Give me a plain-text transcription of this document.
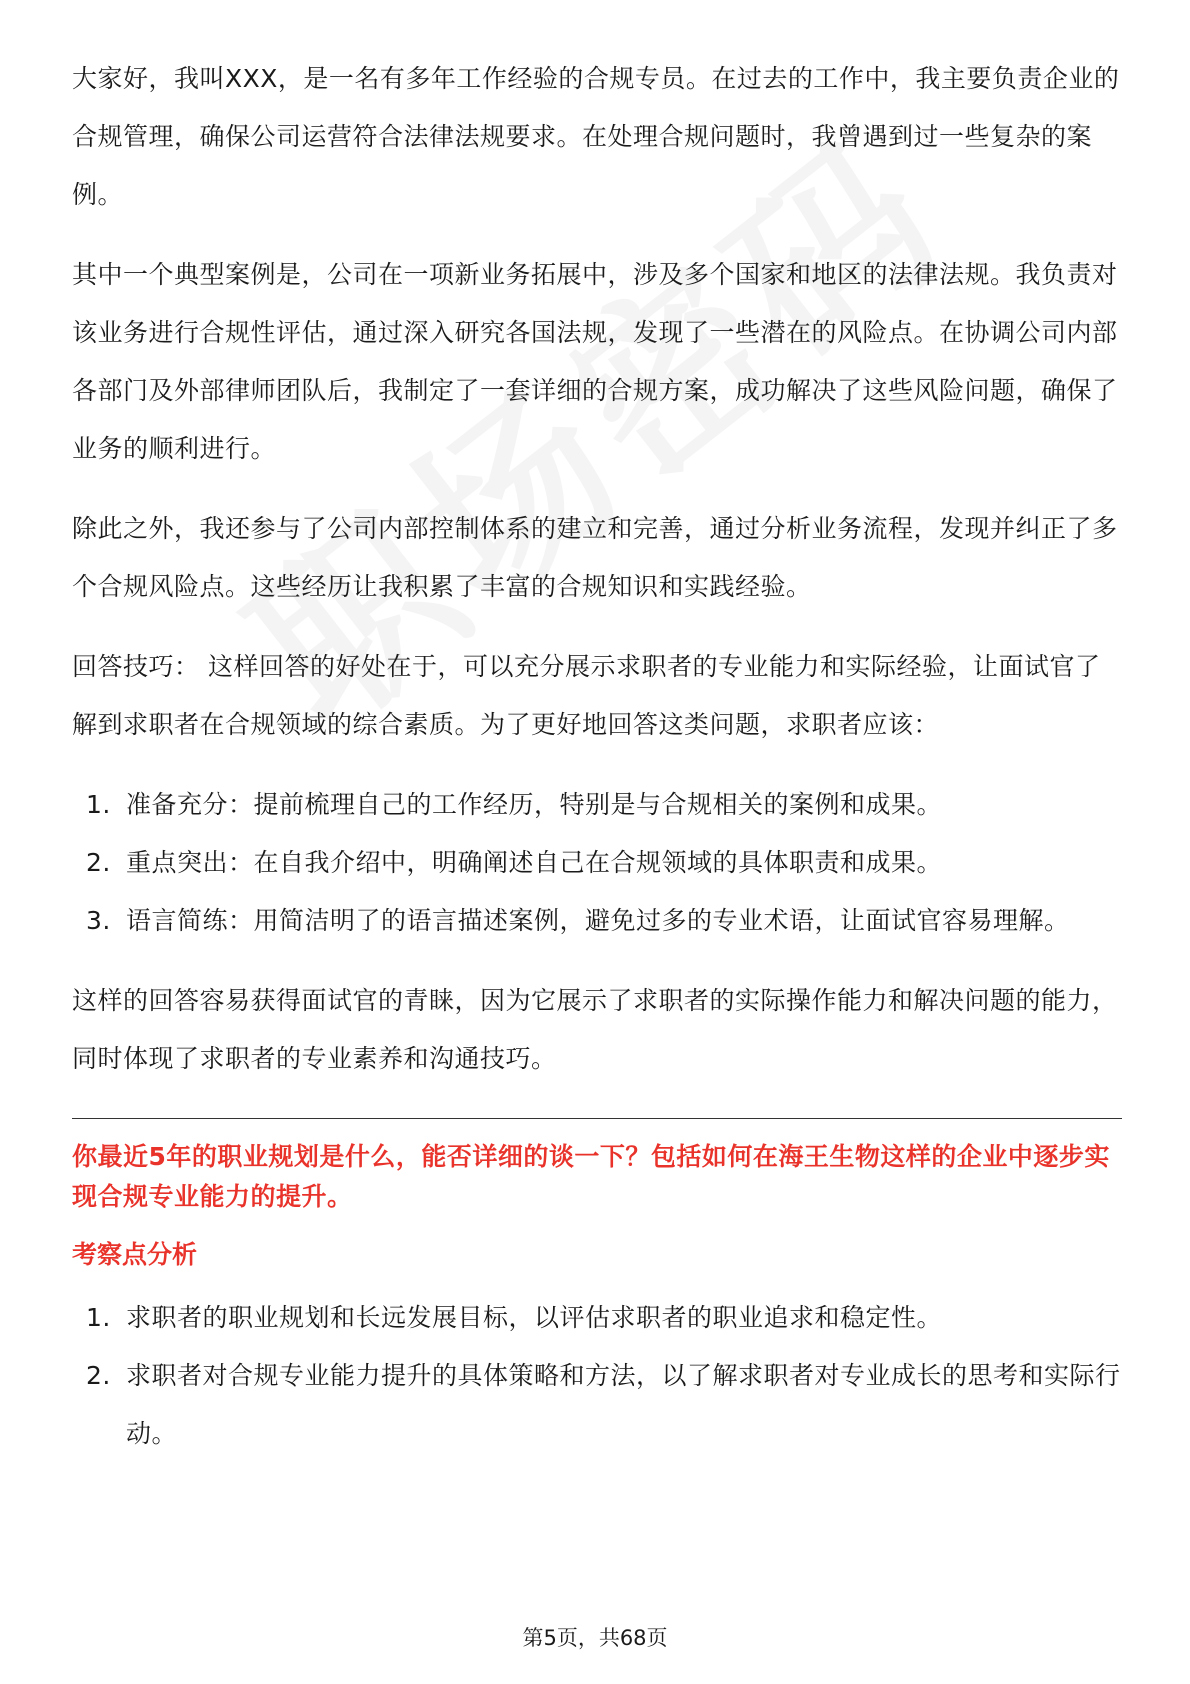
大家好，我叫XXX，是一名有多年工作经验的合规专员。在过去的工作中，我主要负责企业的合规管理，确保公司运营符合法律法规要求。在处理合规问题时，我曾遇到过一些复杂的案例。

其中一个典型案例是，公司在一项新业务拓展中，涉及多个国家和地区的法律法规。我负责对该业务进行合规性评估，通过深入研究各国法规，发现了一些潜在的风险点。在协调公司内部各部门及外部律师团队后，我制定了一套详细的合规方案，成功解决了这些风险问题，确保了业务的顺利进行。

除此之外，我还参与了公司内部控制体系的建立和完善，通过分析业务流程，发现并纠正了多个合规风险点。这些经历让我积累了丰富的合规知识和实践经验。

回答技巧： 这样回答的好处在于，可以充分展示求职者的专业能力和实际经验，让面试官了解到求职者在合规领域的综合素质。为了更好地回答这类问题，求职者应该：

1. 准备充分：提前梳理自己的工作经历，特别是与合规相关的案例和成果。
2. 重点突出：在自我介绍中，明确阐述自己在合规领域的具体职责和成果。
3. 语言简练：用简洁明了的语言描述案例，避免过多的专业术语，让面试官容易理解。

这样的回答容易获得面试官的青睐，因为它展示了求职者的实际操作能力和解决问题的能力，同时体现了求职者的专业素养和沟通技巧。

你最近5年的职业规划是什么，能否详细的谈一下？包括如何在海王生物这样的企业中逐步实现合规专业能力的提升。

考察点分析
1. 求职者的职业规划和长远发展目标，以评估求职者的职业追求和稳定性。
2. 求职者对合规专业能力提升的具体策略和方法，以了解求职者对专业成长的思考和实际行动。
第5页，共68页
